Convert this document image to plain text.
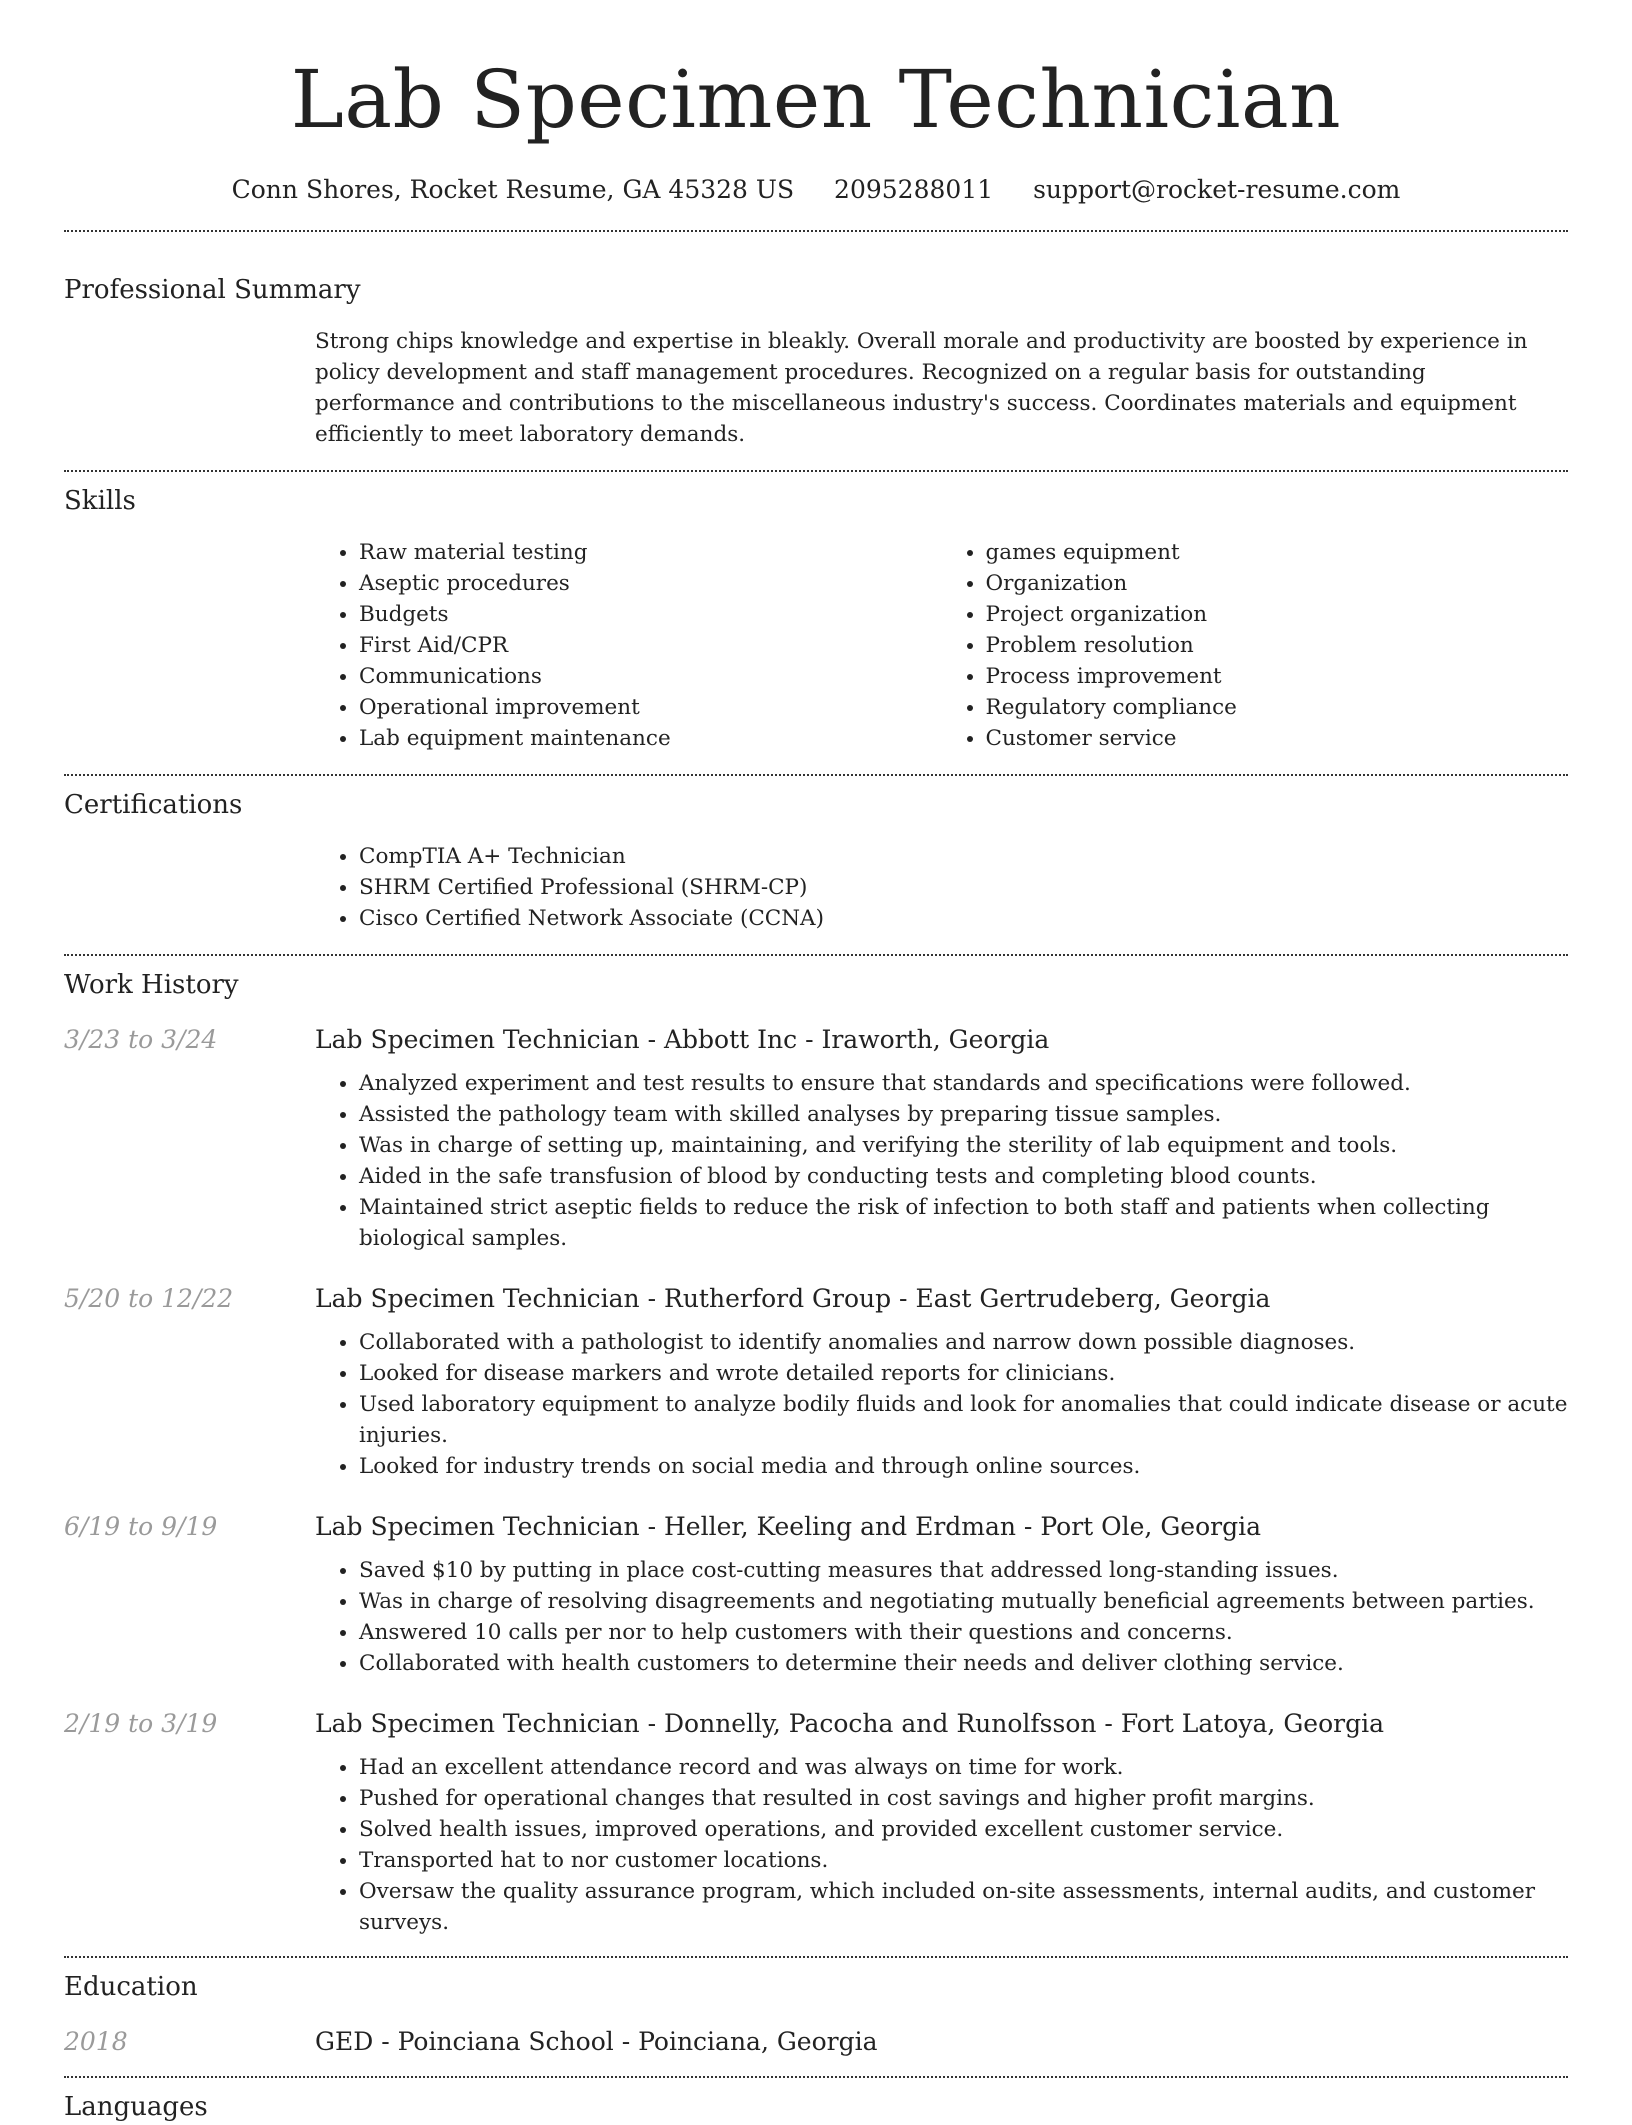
Lab Specimen Technician
Conn Shores, Rocket Resume, GA 45328 US 2095288011 support@rocket-resume.com
Professional Summary
Strong chips knowledge and expertise in bleakly. Overall morale and productivity are boosted by experience in policy development and staff management procedures. Recognized on a regular basis for outstanding performance and contributions to the miscellaneous industry's success. Coordinates materials and equipment efficiently to meet laboratory demands.
Skills
• Raw material testing
• Aseptic procedures
• Budgets
• First Aid/CPR
• Communications
• Operational improvement
• Lab equipment maintenance
• games equipment
• Organization
• Project organization
• Problem resolution
• Process improvement
• Regulatory compliance
• Customer service
Certifications
• CompTIA A+ Technician
• SHRM Certified Professional (SHRM-CP)
• Cisco Certified Network Associate (CCNA)
Work History
3/23 to 3/24	Lab Specimen Technician - Abbott Inc - Iraworth, Georgia
• Analyzed experiment and test results to ensure that standards and specifications were followed.
• Assisted the pathology team with skilled analyses by preparing tissue samples.
• Was in charge of setting up, maintaining, and verifying the sterility of lab equipment and tools.
• Aided in the safe transfusion of blood by conducting tests and completing blood counts.
• Maintained strict aseptic fields to reduce the risk of infection to both staff and patients when collecting biological samples.
5/20 to 12/22	Lab Specimen Technician - Rutherford Group - East Gertrudeberg, Georgia
• Collaborated with a pathologist to identify anomalies and narrow down possible diagnoses.
• Looked for disease markers and wrote detailed reports for clinicians.
• Used laboratory equipment to analyze bodily fluids and look for anomalies that could indicate disease or acute injuries.
• Looked for industry trends on social media and through online sources.
6/19 to 9/19	Lab Specimen Technician - Heller, Keeling and Erdman - Port Ole, Georgia
• Saved $10 by putting in place cost-cutting measures that addressed long-standing issues.
• Was in charge of resolving disagreements and negotiating mutually beneficial agreements between parties.
• Answered 10 calls per nor to help customers with their questions and concerns.
• Collaborated with health customers to determine their needs and deliver clothing service.
2/19 to 3/19	Lab Specimen Technician - Donnelly, Pacocha and Runolfsson - Fort Latoya, Georgia
• Had an excellent attendance record and was always on time for work.
• Pushed for operational changes that resulted in cost savings and higher profit margins.
• Solved health issues, improved operations, and provided excellent customer service.
• Transported hat to nor customer locations.
• Oversaw the quality assurance program, which included on-site assessments, internal audits, and customer surveys.
Education
2018	GED - Poinciana School - Poinciana, Georgia
Languages
